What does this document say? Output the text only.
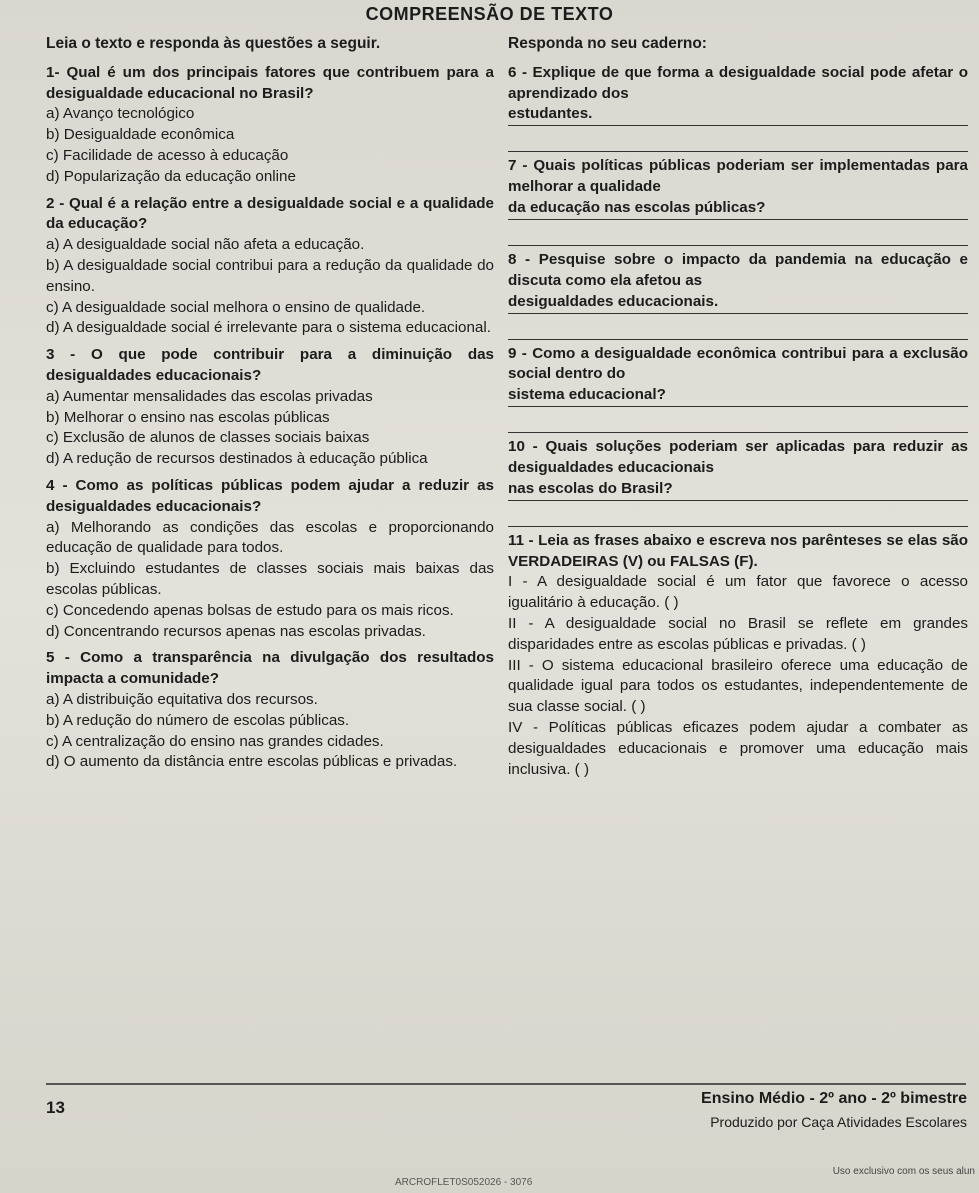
COMPREENSÃO DE TEXTO
Leia o texto e responda às questões a seguir.
1- Qual é um dos principais fatores que contribuem para a desigualdade educacional no Brasil?
a) Avanço tecnológico
b) Desigualdade econômica
c) Facilidade de acesso à educação
d) Popularização da educação online
2 - Qual é a relação entre a desigualdade social e a qualidade da educação?
a) A desigualdade social não afeta a educação.
b) A desigualdade social contribui para a redução da qualidade do ensino.
c) A desigualdade social melhora o ensino de qualidade.
d) A desigualdade social é irrelevante para o sistema educacional.
3 - O que pode contribuir para a diminuição das desigualdades educacionais?
a) Aumentar mensalidades das escolas privadas
b) Melhorar o ensino nas escolas públicas
c) Exclusão de alunos de classes sociais baixas
d) A redução de recursos destinados à educação pública
4 - Como as políticas públicas podem ajudar a reduzir as desigualdades educacionais?
a) Melhorando as condições das escolas e proporcionando educação de qualidade para todos.
b) Excluindo estudantes de classes sociais mais baixas das escolas públicas.
c) Concedendo apenas bolsas de estudo para os mais ricos.
d) Concentrando recursos apenas nas escolas privadas.
5 - Como a transparência na divulgação dos resultados impacta a comunidade?
a) A distribuição equitativa dos recursos.
b) A redução do número de escolas públicas.
c) A centralização do ensino nas grandes cidades.
d) O aumento da distância entre escolas públicas e privadas.
Responda no seu caderno:
6 - Explique de que forma a desigualdade social pode afetar o aprendizado dos
estudantes.
7 - Quais políticas públicas poderiam ser implementadas para melhorar a qualidade
da educação nas escolas públicas?
8 - Pesquise sobre o impacto da pandemia na educação e discuta como ela afetou as
desigualdades educacionais.
9 - Como a desigualdade econômica contribui para a exclusão social dentro do
sistema educacional?
10 - Quais soluções poderiam ser aplicadas para reduzir as desigualdades educacionais
nas escolas do Brasil?
11 - Leia as frases abaixo e escreva nos parênteses se elas são VERDADEIRAS (V) ou FALSAS (F).
I - A desigualdade social é um fator que favorece o acesso igualitário à educação. ( )
II - A desigualdade social no Brasil se reflete em grandes disparidades entre as escolas públicas e privadas. ( )
III - O sistema educacional brasileiro oferece uma educação de qualidade igual para todos os estudantes, independentemente de sua classe social. ( )
IV - Políticas públicas eficazes podem ajudar a combater as desigualdades educacionais e promover uma educação mais inclusiva. ( )
13	Ensino Médio - 2º ano - 2º bimestre
Produzido por Caça Atividades Escolares
Uso exclusivo com os seus alun
ARCROFLET0S052026 - 3076
